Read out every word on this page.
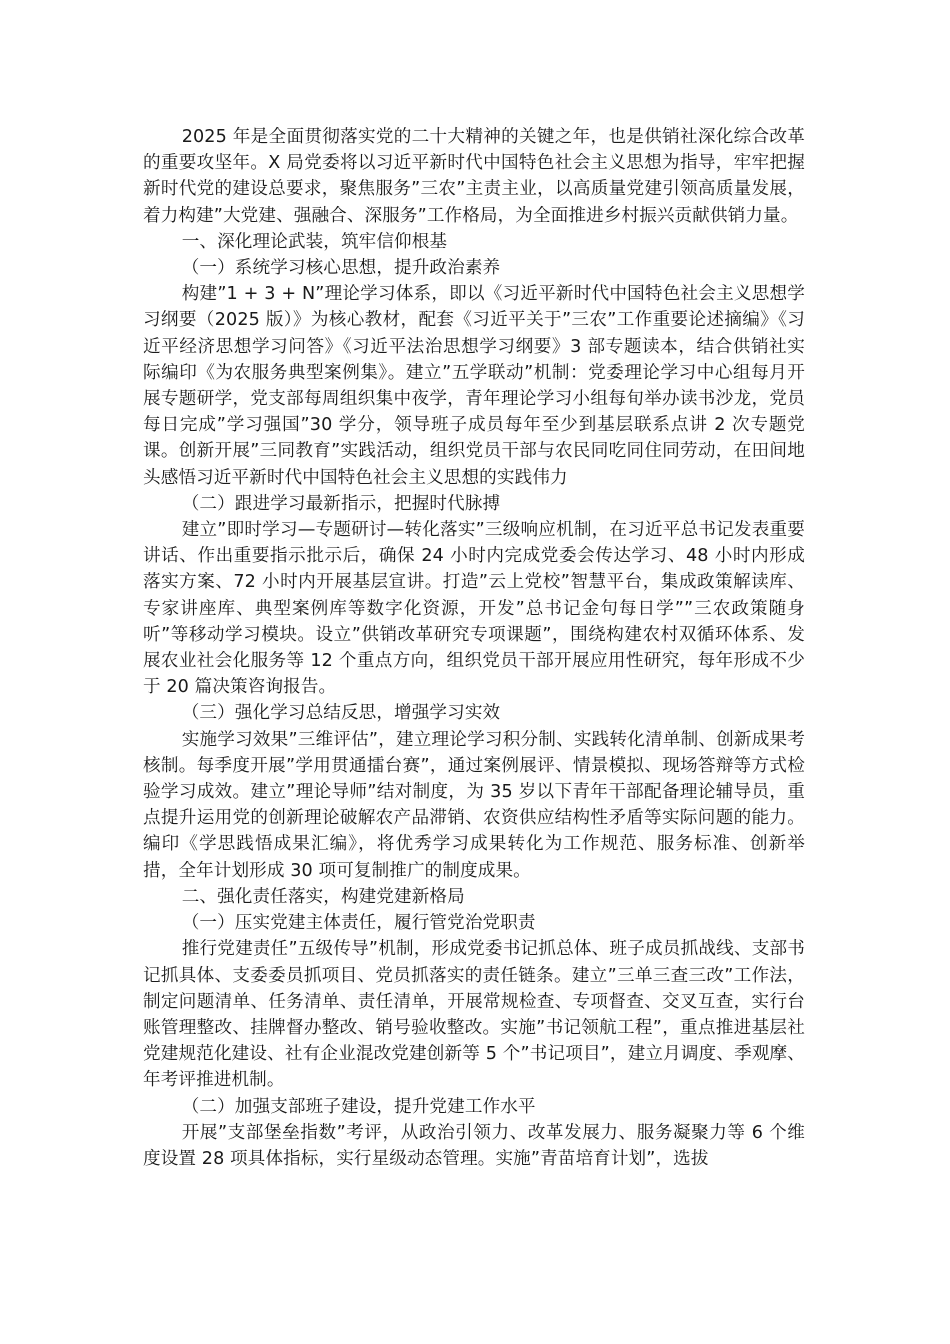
2025 年是全面贯彻落实党的二十大精神的关键之年，也是供销社深化综合改革的重要攻坚年。X 局党委将以习近平新时代中国特色社会主义思想为指导，牢牢把握新时代党的建设总要求，聚焦服务”三农”主责主业，以高质量党建引领高质量发展，着力构建”大党建、强融合、深服务”工作格局，为全面推进乡村振兴贡献供销力量。

一、深化理论武装，筑牢信仰根基

（一）系统学习核心思想，提升政治素养

构建”1 + 3 + N”理论学习体系，即以《习近平新时代中国特色社会主义思想学习纲要（2025 版）》为核心教材，配套《习近平关于”三农”工作重要论述摘编》《习近平经济思想学习问答》《习近平法治思想学习纲要》3 部专题读本，结合供销社实际编印《为农服务典型案例集》。建立”五学联动”机制：党委理论学习中心组每月开展专题研学，党支部每周组织集中夜学，青年理论学习小组每旬举办读书沙龙，党员每日完成”学习强国”30 学分，领导班子成员每年至少到基层联系点讲 2 次专题党课。创新开展”三同教育”实践活动，组织党员干部与农民同吃同住同劳动，在田间地头感悟习近平新时代中国特色社会主义思想的实践伟力

（二）跟进学习最新指示，把握时代脉搏

建立”即时学习—专题研讨—转化落实”三级响应机制，在习近平总书记发表重要讲话、作出重要指示批示后，确保 24 小时内完成党委会传达学习、48 小时内形成落实方案、72 小时内开展基层宣讲。打造”云上党校”智慧平台，集成政策解读库、专家讲座库、典型案例库等数字化资源，开发”总书记金句每日学””三农政策随身听”等移动学习模块。设立”供销改革研究专项课题”，围绕构建农村双循环体系、发展农业社会化服务等 12 个重点方向，组织党员干部开展应用性研究，每年形成不少于 20 篇决策咨询报告。

（三）强化学习总结反思，增强学习实效

实施学习效果”三维评估”，建立理论学习积分制、实践转化清单制、创新成果考核制。每季度开展”学用贯通擂台赛”，通过案例展评、情景模拟、现场答辩等方式检验学习成效。建立”理论导师”结对制度，为 35 岁以下青年干部配备理论辅导员，重点提升运用党的创新理论破解农产品滞销、农资供应结构性矛盾等实际问题的能力。编印《学思践悟成果汇编》，将优秀学习成果转化为工作规范、服务标准、创新举措，全年计划形成 30 项可复制推广的制度成果。

二、强化责任落实，构建党建新格局

（一）压实党建主体责任，履行管党治党职责

推行党建责任”五级传导”机制，形成党委书记抓总体、班子成员抓战线、支部书记抓具体、支委委员抓项目、党员抓落实的责任链条。建立”三单三查三改”工作法，制定问题清单、任务清单、责任清单，开展常规检查、专项督查、交叉互查，实行台账管理整改、挂牌督办整改、销号验收整改。实施”书记领航工程”，重点推进基层社党建规范化建设、社有企业混改党建创新等 5 个”书记项目”，建立月调度、季观摩、年考评推进机制。

（二）加强支部班子建设，提升党建工作水平

开展”支部堡垒指数”考评，从政治引领力、改革发展力、服务凝聚力等 6 个维度设置 28 项具体指标，实行星级动态管理。实施”青苗培育计划”，选拔
